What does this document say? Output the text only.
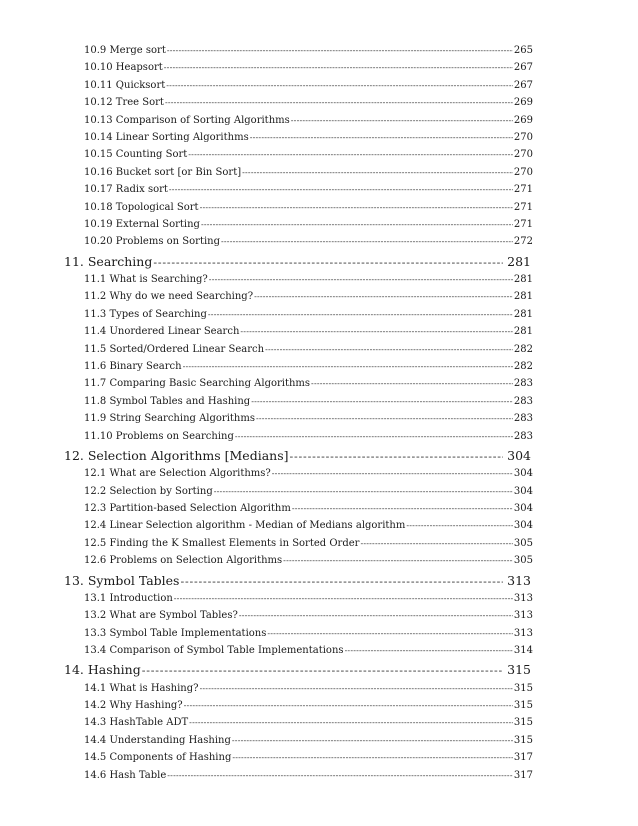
10.9 Merge sort -----	265
10.10 Heapsort -----	267
10.11 Quicksort -----	267
10.12 Tree Sort -----	269
10.13 Comparison of Sorting Algorithms -----	269
10.14 Linear Sorting Algorithms -----	270
10.15 Counting Sort -----	270
10.16 Bucket sort [or Bin Sort] -----	270
10.17 Radix sort -----	271
10.18 Topological Sort -----	271
10.19 External Sorting -----	271
10.20 Problems on Sorting -----	272
11. Searching -----	281
11.1 What is Searching? -----	281
11.2 Why do we need Searching? -----	281
11.3 Types of Searching -----	281
11.4 Unordered Linear Search -----	281
11.5 Sorted/Ordered Linear Search -----	282
11.6 Binary Search -----	282
11.7 Comparing Basic Searching Algorithms -----	283
11.8 Symbol Tables and Hashing -----	283
11.9 String Searching Algorithms -----	283
11.10 Problems on Searching -----	283
12. Selection Algorithms [Medians] -----	304
12.1 What are Selection Algorithms? -----	304
12.2 Selection by Sorting -----	304
12.3 Partition-based Selection Algorithm -----	304
12.4 Linear Selection algorithm - Median of Medians algorithm -----	304
12.5 Finding the K Smallest Elements in Sorted Order -----	305
12.6 Problems on Selection Algorithms -----	305
13. Symbol Tables -----	313
13.1 Introduction -----	313
13.2 What are Symbol Tables? -----	313
13.3 Symbol Table Implementations -----	313
13.4 Comparison of Symbol Table Implementations -----	314
14. Hashing -----	315
14.1 What is Hashing? -----	315
14.2 Why Hashing? -----	315
14.3 HashTable ADT -----	315
14.4 Understanding Hashing -----	315
14.5 Components of Hashing -----	317
14.6 Hash Table -----	317
